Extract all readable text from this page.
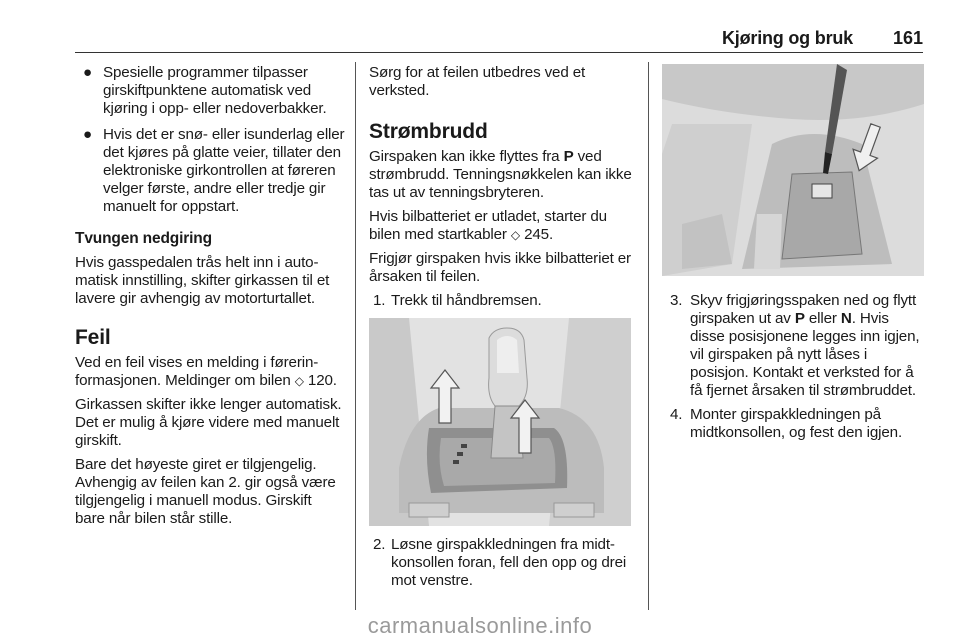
Kjøring og bruk 161
● Spesielle programmer tilpasser girskiftpunktene automatisk ved kjøring i opp- eller nedoverbakker.
● Hvis det er snø- eller isunderlag eller det kjøres på glatte veier, tillater den elektroniske girkontrollen at føreren velger første, andre eller tredje gir manuelt for oppstart.
Tvungen nedgiring

Hvis gasspedalen trås helt inn i automatisk innstilling, skifter girkassen til et lavere gir avhengig av motorturtallet.

Feil

Ved en feil vises en melding i førerinformasjonen. Meldinger om bilen ◇ 120.

Girkassen skifter ikke lenger automatisk. Det er mulig å kjøre videre med manuelt girskift.

Bare det høyeste giret er tilgjengelig. Avhengig av feilen kan 2. gir også være tilgjengelig i manuell modus. Girskift bare når bilen står stille.

Sørg for at feilen utbedres ved et verksted.

Strømbrudd

Girspaken kan ikke flyttes fra P ved strømbrudd. Tenningsnøkkelen kan ikke tas ut av tenningsbryteren.

Hvis bilbatteriet er utladet, starter du bilen med startkabler ◇ 245.

Frigjør girspaken hvis ikke bilbatteriet er årsaken til feilen.

1. Trekk til håndbremsen.
2. Løsne girspakkledningen fra midtkonsollen foran, fell den opp og drei mot venstre.
3. Skyv frigjøringsspaken ned og flytt girspaken ut av P eller N. Hvis disse posisjonene legges inn igjen, vil girspaken på nytt låses i posisjon. Kontakt et verksted for å få fjernet årsaken til strømbruddet.
4. Monter girspakkledningen på midtkonsollen, og fest den igjen.
carmanualsonline.info
